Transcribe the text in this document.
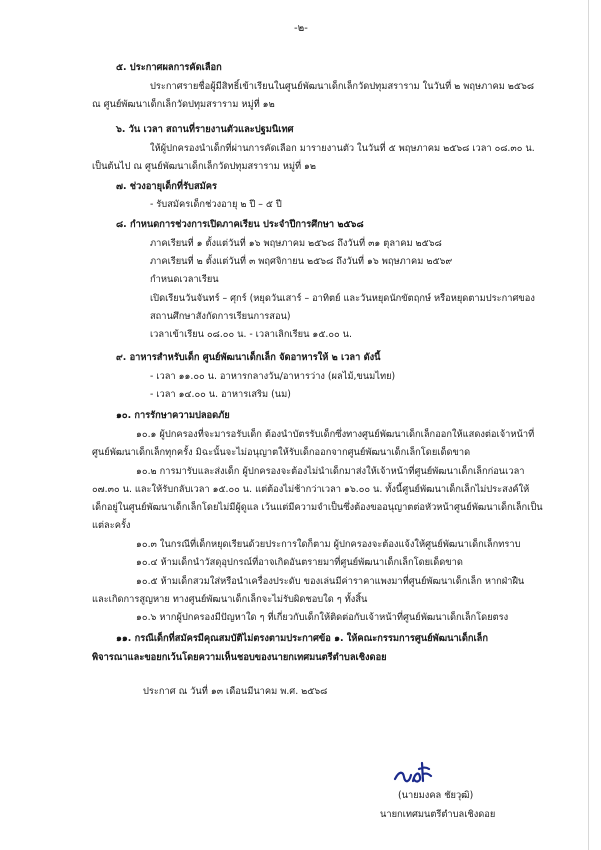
-๒-
๕. ประกาศผลการคัดเลือก
ประกาศรายชื่อผู้มีสิทธิ์เข้าเรียนในศูนย์พัฒนาเด็กเล็กวัดปทุมสราราม ในวันที่ ๒ พฤษภาคม ๒๕๖๘
ณ ศูนย์พัฒนาเด็กเล็กวัดปทุมสราราม หมู่ที่ ๑๒
๖. วัน เวลา สถานที่รายงานตัวและปฐมนิเทศ
ให้ผู้ปกครองนำเด็กที่ผ่านการคัดเลือก มารายงานตัว ในวันที่ ๕ พฤษภาคม ๒๕๖๘ เวลา ๐๘.๓๐ น.
เป็นต้นไป ณ ศูนย์พัฒนาเด็กเล็กวัดปทุมสราราม หมู่ที่ ๑๒
๗. ช่วงอายุเด็กที่รับสมัคร
- รับสมัครเด็กช่วงอายุ ๒ ปี – ๕ ปี
๘. กำหนดการช่วงการเปิดภาคเรียน ประจำปีการศึกษา ๒๕๖๘
ภาคเรียนที่ ๑ ตั้งแต่วันที่ ๑๖ พฤษภาคม ๒๕๖๘ ถึงวันที่ ๓๑ ตุลาคม ๒๕๖๘
ภาคเรียนที่ ๒ ตั้งแต่วันที่ ๓ พฤศจิกายน ๒๕๖๘ ถึงวันที่ ๑๖ พฤษภาคม ๒๕๖๙
กำหนดเวลาเรียน
เปิดเรียนวันจันทร์ – ศุกร์ (หยุดวันเสาร์ – อาทิตย์ และวันหยุดนักขัตฤกษ์ หรือหยุดตามประกาศของ
สถานศึกษาสังกัดการเรียนการสอน)
เวลาเข้าเรียน ๐๘.๐๐ น. - เวลาเลิกเรียน ๑๕.๐๐ น.
๙. อาหารสำหรับเด็ก ศูนย์พัฒนาเด็กเล็ก จัดอาหารให้ ๒ เวลา ดังนี้
- เวลา ๑๑.๐๐ น. อาหารกลางวัน/อาหารว่าง (ผลไม้,ขนมไทย)
- เวลา ๑๔.๐๐ น. อาหารเสริม (นม)
๑๐. การรักษาความปลอดภัย
๑๐.๑ ผู้ปกครองที่จะมารอรับเด็ก ต้องนำบัตรรับเด็กซึ่งทางศูนย์พัฒนาเด็กเล็กออกให้แสดงต่อเจ้าหน้าที่
ศูนย์พัฒนาเด็กเล็กทุกครั้ง มิฉะนั้นจะไม่อนุญาตให้รับเด็กออกจากศูนย์พัฒนาเด็กเล็กโดยเด็ดขาด
๑๐.๒ การมารับและส่งเด็ก ผู้ปกครองจะต้องไม่นำเด็กมาส่งให้เจ้าหน้าที่ศูนย์พัฒนาเด็กเล็กก่อนเวลา
๐๗.๓๐ น. และให้รับกลับเวลา ๑๕.๐๐ น. แต่ต้องไม่ช้ากว่าเวลา ๑๖.๐๐ น. ทั้งนี้ศูนย์พัฒนาเด็กเล็กไม่ประสงค์ให้
เด็กอยู่ในศูนย์พัฒนาเด็กเล็กโดยไม่มีผู้ดูแล เว้นแต่มีความจำเป็นซึ่งต้องขออนุญาตต่อหัวหน้าศูนย์พัฒนาเด็กเล็กเป็น
แต่ละครั้ง
๑๐.๓ ในกรณีที่เด็กหยุดเรียนด้วยประการใดก็ตาม ผู้ปกครองจะต้องแจ้งให้ศูนย์พัฒนาเด็กเล็กทราบ
๑๐.๔ ห้ามเด็กนำวัสดุอุปกรณ์ที่อาจเกิดอันตรายมาที่ศูนย์พัฒนาเด็กเล็กโดยเด็ดขาด
๑๐.๕ ห้ามเด็กสวมใส่หรือนำเครื่องประดับ ของเล่นมีค่าราคาแพงมาที่ศูนย์พัฒนาเด็กเล็ก หากฝ่าฝืน
และเกิดการสูญหาย ทางศูนย์พัฒนาเด็กเล็กจะไม่รับผิดชอบใด ๆ ทั้งสิ้น
๑๐.๖ หากผู้ปกครองมีปัญหาใด ๆ ที่เกี่ยวกับเด็กให้ติดต่อกับเจ้าหน้าที่ศูนย์พัฒนาเด็กเล็กโดยตรง
๑๑. กรณีเด็กที่สมัครมีคุณสมบัติไม่ตรงตามประกาศข้อ ๑. ให้คณะกรรมการศูนย์พัฒนาเด็กเล็ก
พิจารณาและขอยกเว้นโดยความเห็นชอบของนายกเทศมนตรีตำบลเชิงดอย
ประกาศ ณ วันที่ ๑๓ เดือนมีนาคม พ.ศ. ๒๕๖๘
(นายมงคล ชัยวุฒิ)
นายกเทศมนตรีตำบลเชิงดอย
